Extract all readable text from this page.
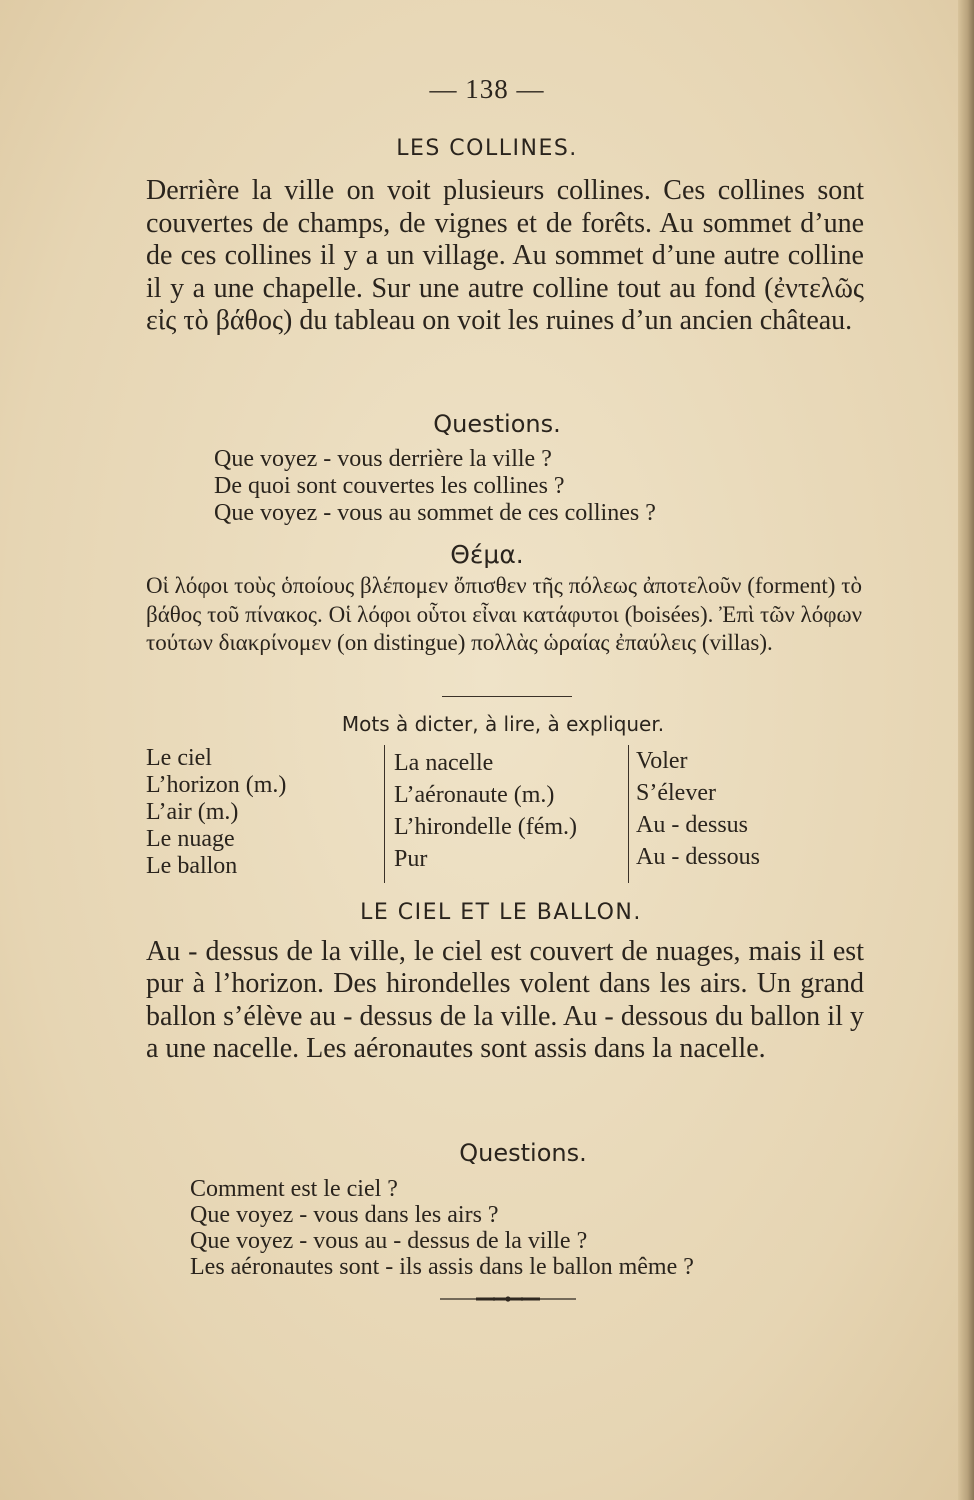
— 138 —
LES COLLINES.

Derrière la ville on voit plusieurs collines. Ces collines sont couvertes de champs, de vignes et de forêts. Au sommet d’une de ces collines il y a un village. Au sommet d’une autre colline il y a une chapelle. Sur une autre colline tout au fond (ἐντελῶς εἰς τὸ βάθος) du tableau on voit les ruines d’un ancien château.

Questions.
Que voyez - vous derrière la ville ?
De quoi sont couvertes les collines ?
Que voyez - vous au sommet de ces collines ?
Θέμα.

Οἱ λόφοι τοὺς ὁποίους βλέπομεν ὄπισθεν τῆς πόλεως ἀποτελοῦν (forment) τὸ βάθος τοῦ πίνακος. Οἱ λόφοι οὗτοι εἶναι κατάφυτοι (boisées). Ἐπὶ τῶν λόφων τούτων διακρίνομεν (on distingue) πολλὰς ὡραίας ἐπαύλεις (villas).

Mots à dicter, à lire, à expliquer.
Le ciel
L’horizon (m.)
L’air (m.)
Le nuage
Le ballon
La nacelle
L’aéronaute (m.)
L’hirondelle (fém.)
Pur
Voler
S’élever
Au - dessus
Au - dessous
LE CIEL ET LE BALLON.

Au - dessus de la ville, le ciel est couvert de nuages, mais il est pur à l’horizon. Des hirondelles volent dans les airs. Un grand ballon s’élève au - dessus de la ville. Au - dessous du ballon il y a une nacelle. Les aéronautes sont assis dans la nacelle.

Questions.
Comment est le ciel ?
Que voyez - vous dans les airs ?
Que voyez - vous au - dessus de la ville ?
Les aéronautes sont - ils assis dans le ballon même ?
